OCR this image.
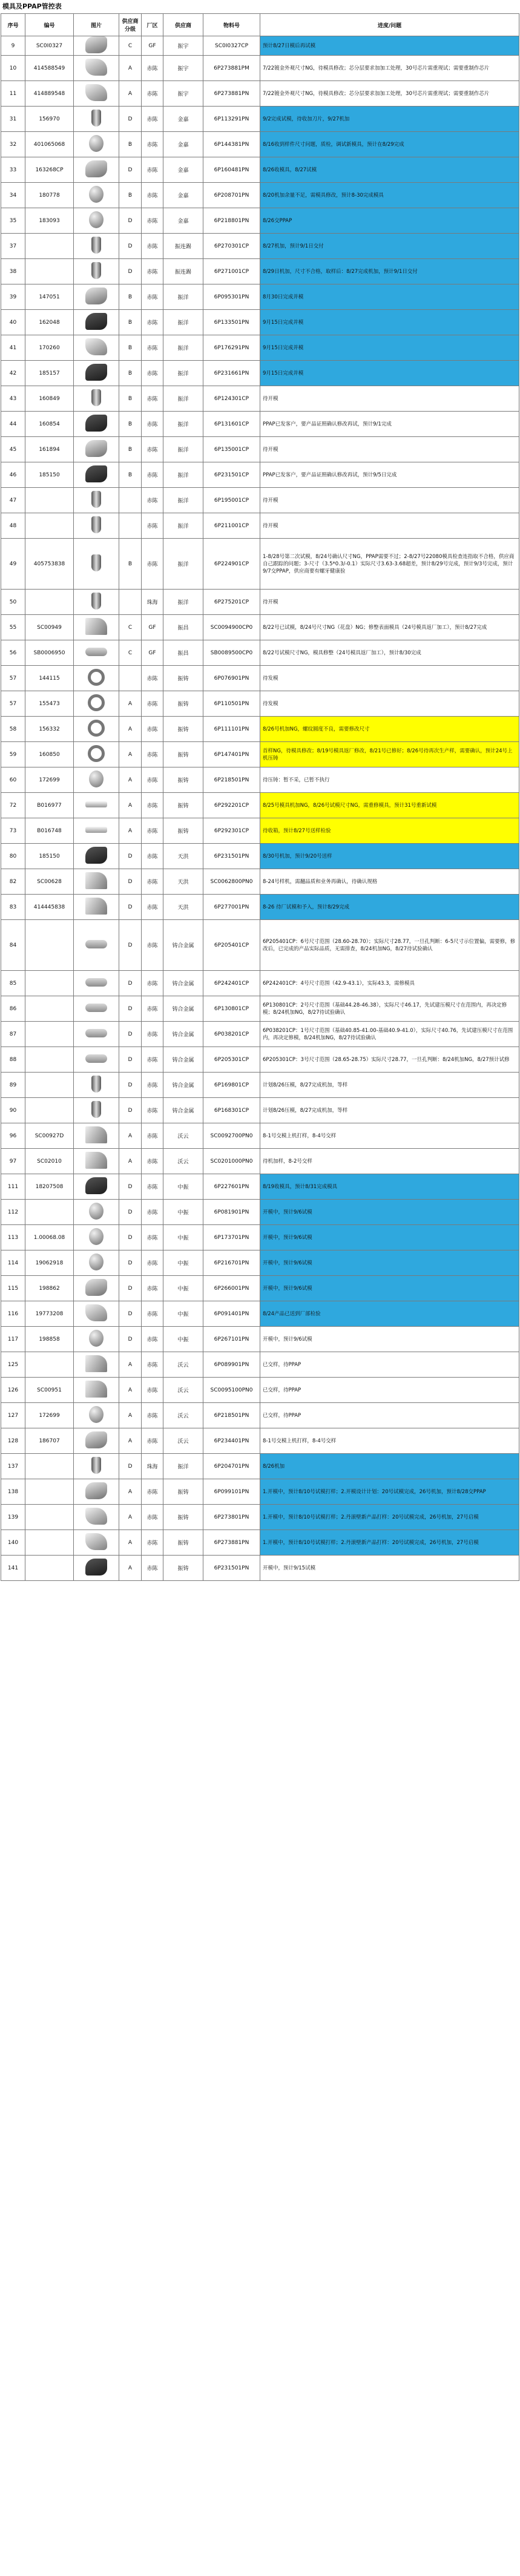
模具及PPAP管控表
序号	编号	图片	供应商分级	厂区	供应商	物料号	进度/问题
9	SC0I0327		C	GF	振宇	SC0I0327CP	预计8/27日模后再试模
10	414588549		A	赤陈	振宇	6P273881PM	7/22镀金外观尺寸NG，待模具修改；芯分层要求加加工处理，30号芯片需重现试；需要重制作芯片
11	414889548		A	赤陈	振宇	6P273881PN	7/22镀金外观尺寸NG，待模具修改；芯分层要求加加工处理，30号芯片需重现试；需要重制作芯片
31	156970		D	赤陈	金嘉	6P113291PN	9/2完成试模，待收加刀片，9/27机加
32	401065068		B	赤陈	金嘉	6P144381PN	8/16收到样件尺寸问题，质检，调试新模具，预计在8/29完成
33	163268CP		D	赤陈	金嘉	6P160481PN	8/26收模具，8/27试模
34	180778		B	赤陈	金嘉	6P208701PN	8/20机加余量不足，需模具修改，预计8-30完成模具
35	183093		D	赤陈	金嘉	6P218801PN	8/26交PPAP
37			D	赤陈	振连踢	6P270301CP	8/27机加，预计9/1日交付
38			D	赤陈	振连踢	6P271001CP	8/29日机加，尺寸不合格，取样后：8/27完成机加，预计9/1日交付
39	147051		B	赤陈	振洋	6P095301PN	8月30日完成并模
40	162048		B	赤陈	振洋	6P133501PN	9月15日完成并模
41	170260		B	赤陈	振洋	6P176291PN	9月15日完成并模
42	185157		B	赤陈	振洋	6P231661PN	9月15日完成并模
43	160849		B	赤陈	振洋	6P124301CP	待开模
44	160854		B	赤陈	振洋	6P131601CP	PPAP已发客户，要产品证照确认修改再试，预计9/1完成
45	161894		B	赤陈	振洋	6P135001CP	待开模
46	185150		B	赤陈	振洋	6P231501CP	PPAP已发客户，要产品证照确认修改再试，预计9/5日完成
47				赤陈	振洋	6P195001CP	待开模
48				赤陈	振洋	6P211001CP	待开模
49	405753838		B	赤陈	振洋	6P224901CP	1-8/28号第二次试模，8/24号确认尺寸NG，PPAP需要不过；2-8/27号22080模具检查连指取不合格，供应商自己跟踪的问题；3-尺寸（3.5*0.3/-0.1）实际尺寸3.63-3.68超差，预计8/29号完成，预计9/3号完成，预计9/7交PPAP，供应商要有螺牙健康验
50				珠海	振洋	6P275201CP	待开模
55	SC00949		C	GF	振昌	SC0094900CP0	8/22号已试模，8/24号尺寸NG（花盘）NG；修整表面模具（24号模具返厂加工），预计8/27完成
56	SB0006950		C	GF	振昌	SB0089500CP0	8/22号试模尺寸NG，模具修整（24号模具返厂加工），预计8/30完成
57	144115			赤陈	振铸	6P076901PN	待发模
57	155473		A	赤陈	振铸	6P110501PN	待发模
58	156332		A	赤陈	振铸	6P111101PN	8/26号机加NG，螺纹圆度不良，需要修改尺寸
59	160850		A	赤陈	振铸	6P147401PN	首样NG，待模具修改；8/19号模具返厂修改，8/21号已修好；8/26号待再次生产样，需要确认，预计24号上机压铸
60	172699		A	赤陈	振铸	6P218501PN	待压铸：暂不采，已暂不执行
72	B016977		A	赤陈	振铸	6P292201CP	8/25号模具机加NG，8/26号试模尺寸NG，需重修模具，预计31号重新试模
73	B016748		A	赤陈	振铸	6P292301CP	待收箱，预计8/27号送样检验
80	185150		D	赤陈	天洪	6P231501PN	8/30号机加，预计9/20号送样
82	SC00628		D	赤陈	天洪	SC0062800PN0	8-24号样机，需翻品质和业务再确认，待确认规格
83	414445838		D	赤陈	天洪	6P277001PN	8-26 待厂试模和予入，预计8/29完成
84			D	赤陈	铸合金属	6P205401CP	6P205401CP：6号尺寸范围（28.60-28.70）；实际尺寸28.77，一旦孔判断：6-5尺寸示位置偏，需要修，修改后，已完成的产品实际品质，无需排查，8/24机加NG，8/27待试验确认
85			D	赤陈	铸合金属	6P242401CP	6P242401CP：4号尺寸范围（42.9-43.1），实际43.3，需修模具
86			D	赤陈	铸合金属	6P130801CP	6P130801CP：2号尺寸范围（基础44.28-46.38），实际尺寸46.17，先试建压模尺寸在范围内，再决定修模；8/24机加NG，8/27待试验确认
87			D	赤陈	铸合金属	6P038201CP	6P038201CP：1号尺寸范围（基础40.85-41.00-基础40.9-41.0），实际尺寸40.76，先试建压模尺寸在范围内，再决定修模，8/24机加NG，8/27待试验确认
88			D	赤陈	铸合金属	6P205301CP	6P205301CP：3号尺寸范围（28.65-28.75）实际尺寸28.77，一旦孔判断：8/24机加NG，8/27预计试修
89			D	赤陈	铸合金属	6P169801CP	计划8/26压模，8/27完成机加，等样
90			D	赤陈	铸合金属	6P168301CP	计划8/26压模，8/27完成机加，等样
96	SC00927D		A	赤陈	沃云	SC0092700PN0	8-1号交模上机打样，8-4号交样
97	SC02010		A	赤陈	沃云	SC0201000PN0	待机加样，8-2号交样
111	18207508		D	赤陈	中振	6P227601PN	8/19收模具，预计8/31完成模具
112			D	赤陈	中振	6P081901PN	开模中，预计9/6试模
113	1.00068.08		D	赤陈	中振	6P173701PN	开模中，预计9/6试模
114	19062918		D	赤陈	中振	6P216701PN	开模中，预计9/6试模
115	198862		D	赤陈	中振	6P266001PN	开模中，预计9/6试模
116	19773208		D	赤陈	中振	6P091401PN	8/24产品已送到厂部检验
117	198858		D	赤陈	中振	6P267101PN	开模中，预计9/6试模
125			A	赤陈	沃云	6P089901PN	已交样，待PPAP
126	SC00951		A	赤陈	沃云	SC0095100PN0	已交样，待PPAP
127	172699		A	赤陈	沃云	6P218501PN	已交样，待PPAP
128	186707		A	赤陈	沃云	6P234401PN	8-1号交模上机打样，8-4号交样
137			D	珠海	振洋	6P204701PN	8/26机加
138			A	赤陈	振铸	6P099101PN	1.开模中，预计8/10号试模打样；2.开模设计计划：20号试模完成，26号机加，预计8/28交PPAP
139			A	赤陈	振铸	6P273801PN	1.开模中，预计8/10号试模打样；2.丹滚壁新产品打样：20号试模完成，26号机加，27号启模
140			A	赤陈	振铸	6P273881PN	1.开模中，预计8/10号试模打样；2.丹滚壁新产品打样：20号试模完成，26号机加，27号启模
141			A	赤陈	振铸	6P231501PN	开模中，预计9/15试模
